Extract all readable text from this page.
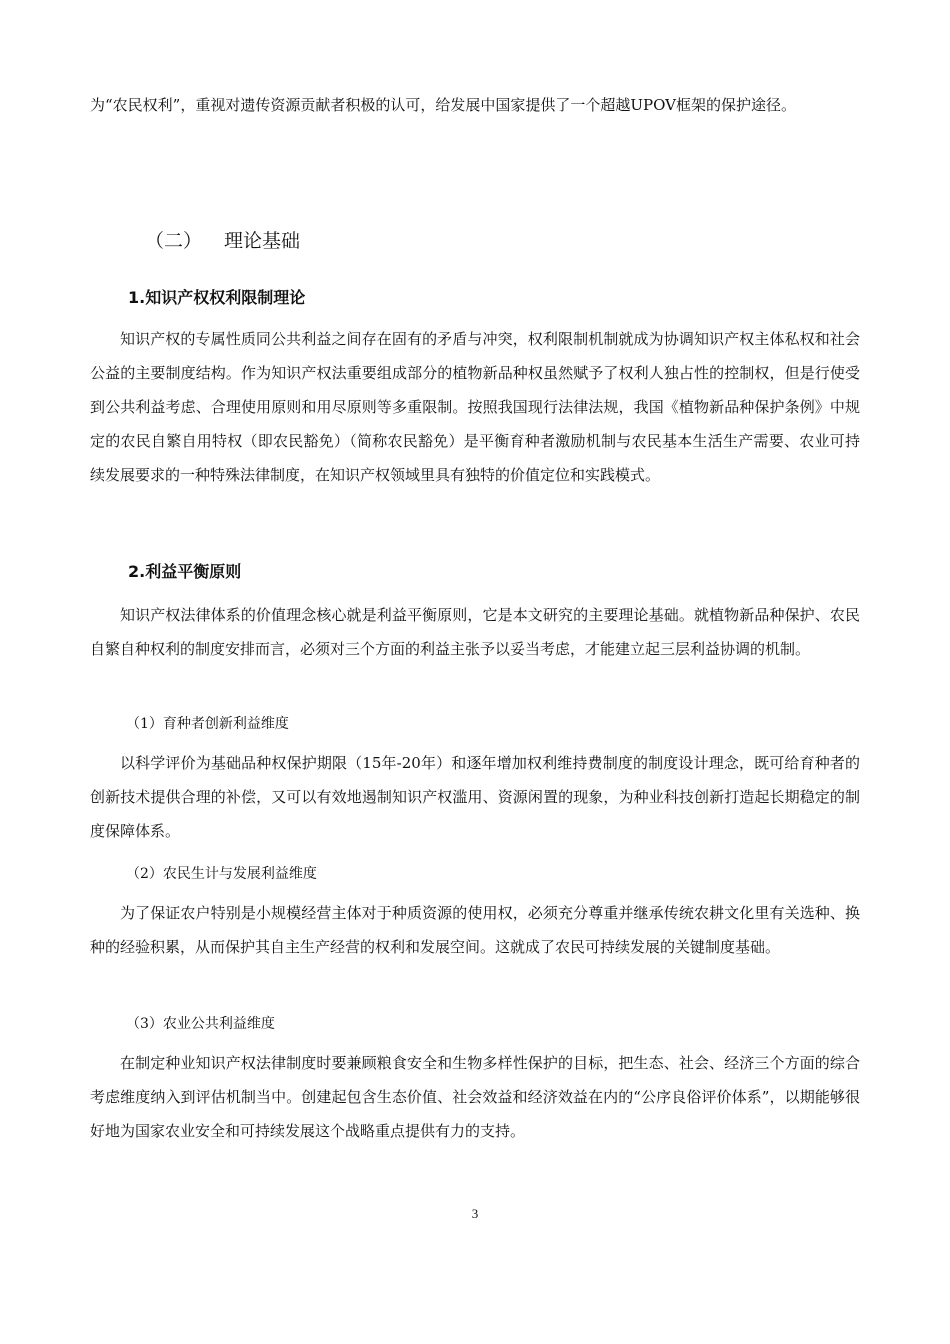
为“农民权利”，重视对遗传资源贡献者积极的认可，给发展中国家提供了一个超越UPOV框架的保护途径。

（二） 理论基础
1.知识产权权利限制理论

知识产权的专属性质同公共利益之间存在固有的矛盾与冲突，权利限制机制就成为协调知识产权主体私权和社会公益的主要制度结构。作为知识产权法重要组成部分的植物新品种权虽然赋予了权利人独占性的控制权，但是行使受到公共利益考虑、合理使用原则和用尽原则等多重限制。按照我国现行法律法规，我国《植物新品种保护条例》中规定的农民自繁自用特权（即农民豁免）（简称农民豁免）是平衡育种者激励机制与农民基本生活生产需要、农业可持续发展要求的一种特殊法律制度，在知识产权领域里具有独特的价值定位和实践模式。

2.利益平衡原则

知识产权法律体系的价值理念核心就是利益平衡原则，它是本文研究的主要理论基础。就植物新品种保护、农民自繁自种权利的制度安排而言，必须对三个方面的利益主张予以妥当考虑，才能建立起三层利益协调的机制。

（1）育种者创新利益维度

以科学评价为基础品种权保护期限（15年-20年）和逐年增加权利维持费制度的制度设计理念，既可给育种者的创新技术提供合理的补偿，又可以有效地遏制知识产权滥用、资源闲置的现象，为种业科技创新打造起长期稳定的制度保障体系。

（2）农民生计与发展利益维度

为了保证农户特别是小规模经营主体对于种质资源的使用权，必须充分尊重并继承传统农耕文化里有关选种、换种的经验积累，从而保护其自主生产经营的权利和发展空间。这就成了农民可持续发展的关键制度基础。

（3）农业公共利益维度

在制定种业知识产权法律制度时要兼顾粮食安全和生物多样性保护的目标，把生态、社会、经济三个方面的综合考虑维度纳入到评估机制当中。创建起包含生态价值、社会效益和经济效益在内的“公序良俗评价体系”，以期能够很好地为国家农业安全和可持续发展这个战略重点提供有力的支持。

3
